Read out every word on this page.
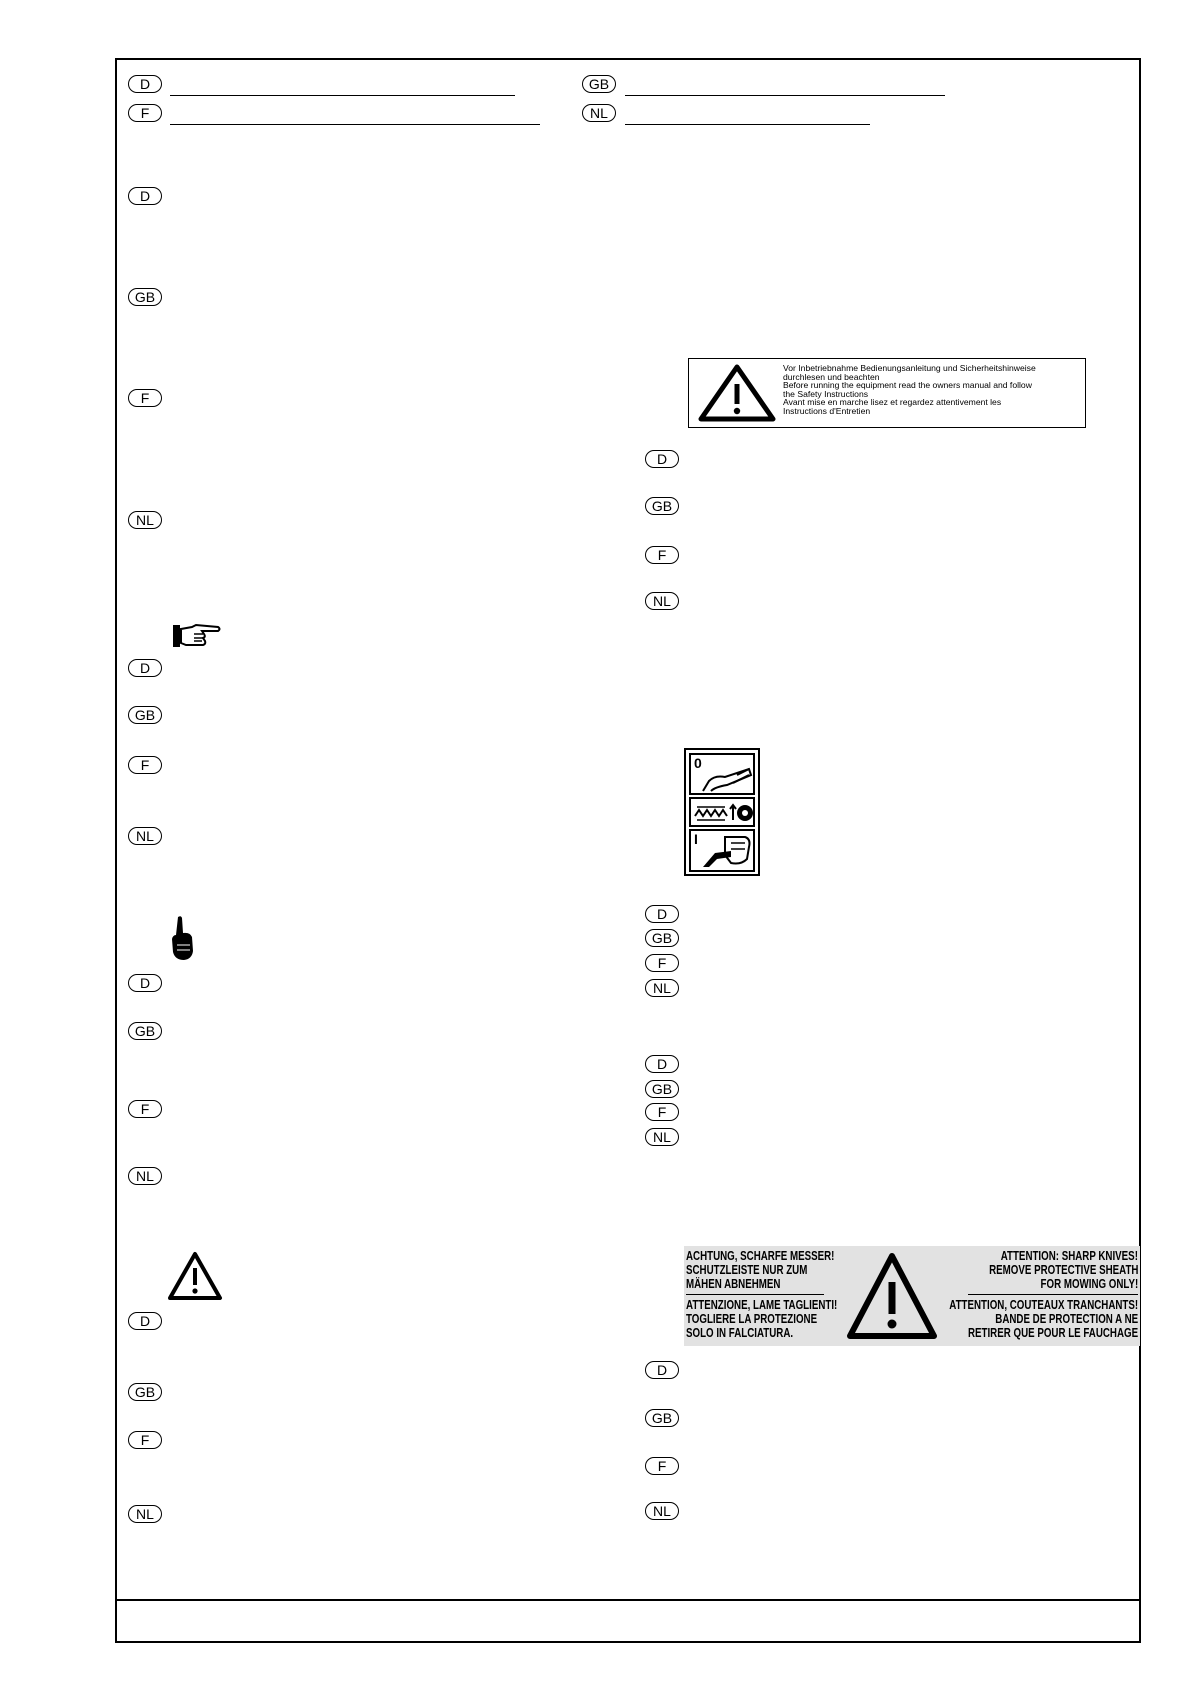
D
F
GB
NL
D
GB
F
NL
D
GB
F
NL
D
GB
F
NL
D
GB
F
NL
Vor Inbetriebnahme Bedienungsanleitung und Sicherheitshinweise
durchlesen und beachten
Before running the equipment read the owners manual and follow
the Safety Instructions
Avant mise en marche lisez et regardez attentivement les
Instructions d'Entretien
D
GB
F
NL
0
I
D
GB
F
NL
D
GB
F
NL
ACHTUNG, SCHARFE MESSER!
SCHUTZLEISTE NUR ZUM
MÄHEN ABNEHMEN
ATTENZIONE, LAME TAGLIENTI!
TOGLIERE LA PROTEZIONE
SOLO IN FALCIATURA.
ATTENTION: SHARP KNIVES!
REMOVE PROTECTIVE SHEATH
FOR MOWING ONLY!
ATTENTION, COUTEAUX TRANCHANTS!
BANDE DE PROTECTION A NE
RETIRER QUE POUR LE FAUCHAGE
D
GB
F
NL
